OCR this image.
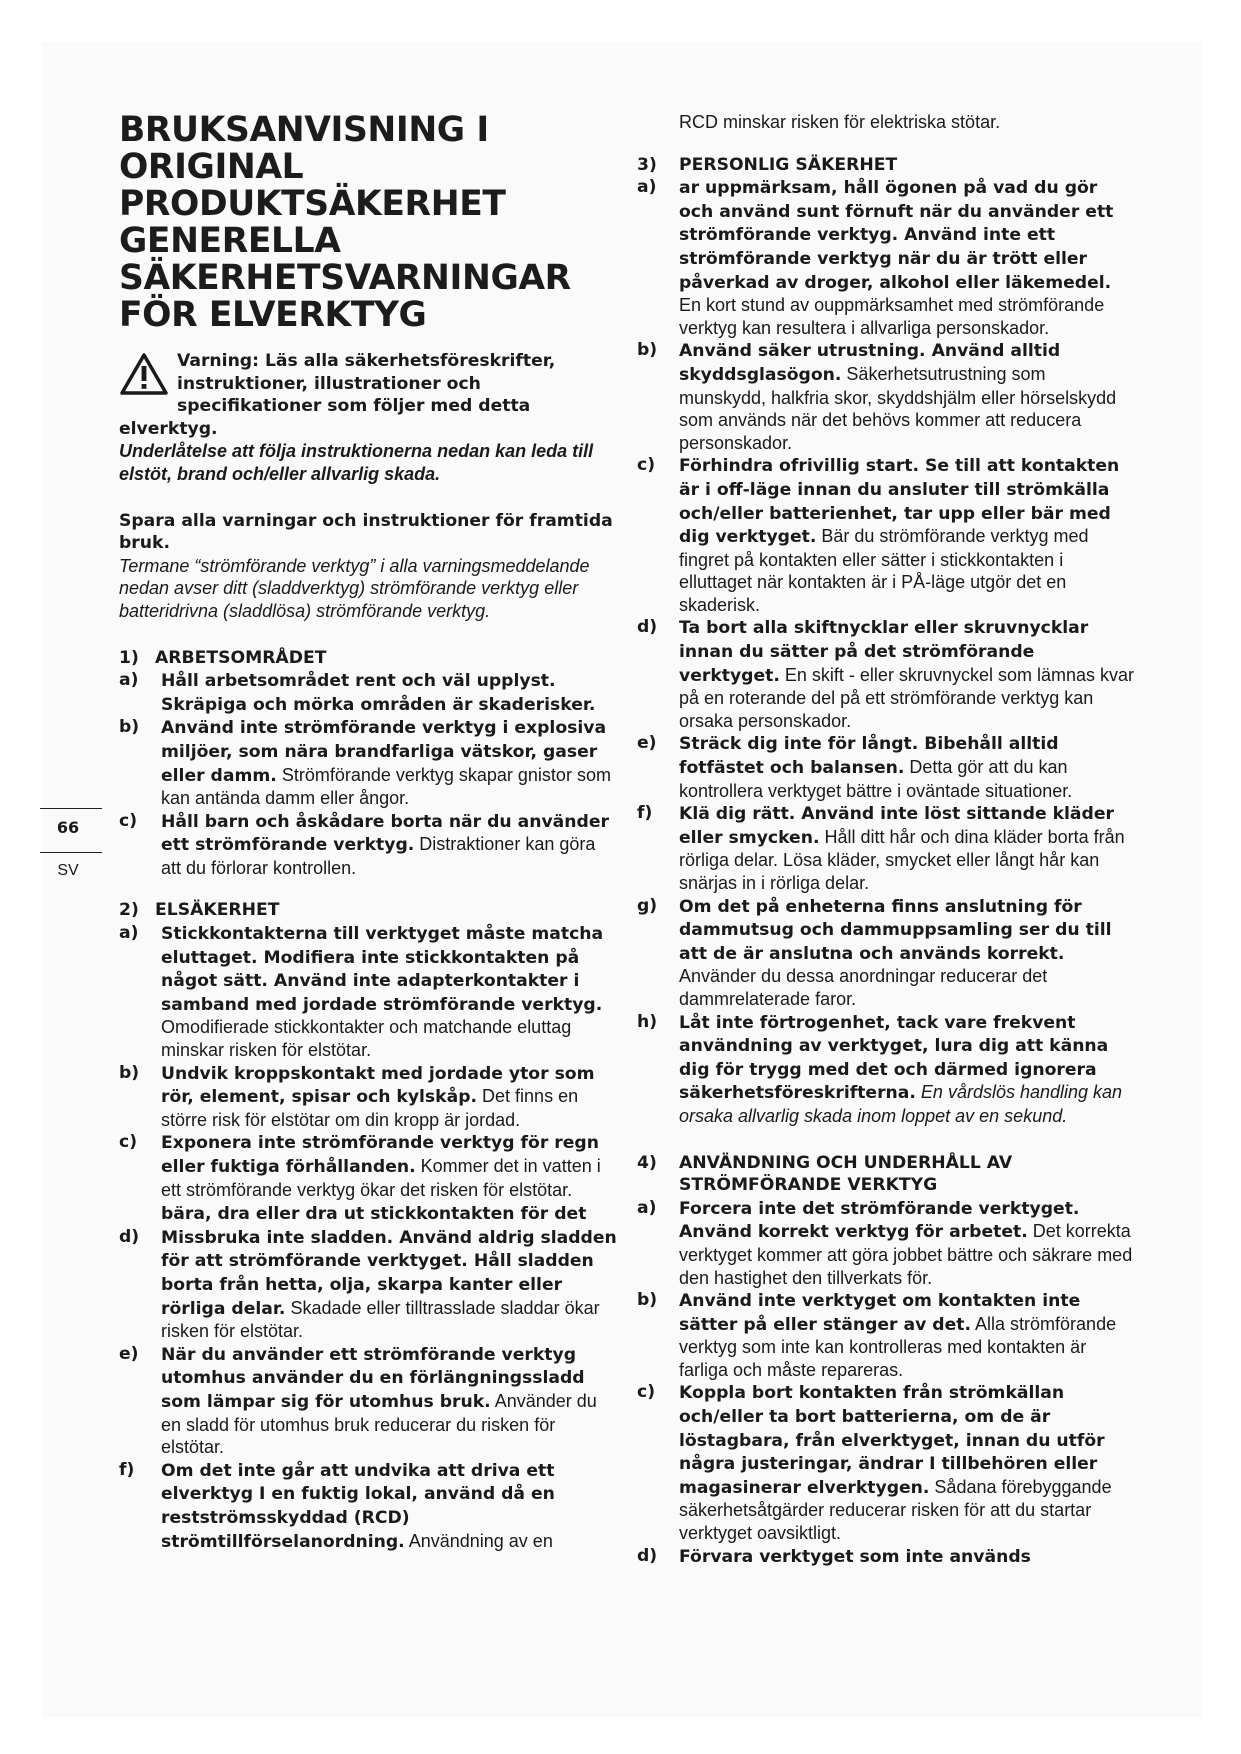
66
SV
BRUKSANVISNING I
ORIGINAL
PRODUKTSÄKERHET
GENERELLA
SÄKERHETSVARNINGAR
FÖR ELVERKTYG

Varning: Läs alla säkerhetsföreskrifter, instruktioner, illustrationer och specifikationer som följer med detta elverktyg.

Underlåtelse att följa instruktionerna nedan kan leda till elstöt, brand och/eller allvarlig skada.

Spara alla varningar och instruktioner för framtida bruk.

Termane “strömförande verktyg” i alla varningsmeddelande nedan avser ditt (sladdverktyg) strömförande verktyg eller batteridrivna (sladdlösa) strömförande verktyg.

1) ARBETSOMRÅDET

a) Håll arbetsområdet rent och väl upplyst. Skräpiga och mörka områden är skaderisker.

b) Använd inte strömförande verktyg i explosiva miljöer, som nära brandfarliga vätskor, gaser eller damm. Strömförande verktyg skapar gnistor som kan antända damm eller ångor.

c) Håll barn och åskådare borta när du använder ett strömförande verktyg. Distraktioner kan göra att du förlorar kontrollen.

2) ELSÄKERHET

a) Stickkontakterna till verktyget måste matcha eluttaget. Modifiera inte stickkontakten på något sätt. Använd inte adapterkontakter i samband med jordade strömförande verktyg. Omodifierade stickkontakter och matchande eluttag minskar risken för elstötar.

b) Undvik kroppskontakt med jordade ytor som rör, element, spisar och kylskåp. Det finns en större risk för elstötar om din kropp är jordad.

c) Exponera inte strömförande verktyg för regn eller fuktiga förhållanden. Kommer det in vatten i ett strömförande verktyg ökar det risken för elstötar. bära, dra eller dra ut stickkontakten för det

d) Missbruka inte sladden. Använd aldrig sladden för att strömförande verktyget. Håll sladden borta från hetta, olja, skarpa kanter eller rörliga delar. Skadade eller tilltrasslade sladdar ökar risken för elstötar.

e) När du använder ett strömförande verktyg utomhus använder du en förlängningssladd som lämpar sig för utomhus bruk. Använder du en sladd för utomhus bruk reducerar du risken för elstötar.

f) Om det inte går att undvika att driva ett elverktyg I en fuktig lokal, använd då en restströmsskyddad (RCD) strömtillförselanordning. Användning av en

RCD minskar risken för elektriska stötar.

3) PERSONLIG SÄKERHET

a) ar uppmärksam, håll ögonen på vad du gör och använd sunt förnuft när du använder ett strömförande verktyg. Använd inte ett strömförande verktyg när du är trött eller påverkad av droger, alkohol eller läkemedel. En kort stund av ouppmärksamhet med strömförande verktyg kan resultera i allvarliga personskador.

b) Använd säker utrustning. Använd alltid skyddsglasögon. Säkerhetsutrustning som munskydd, halkfria skor, skyddshjälm eller hörselskydd som används när det behövs kommer att reducera personskador.

c) Förhindra ofrivillig start. Se till att kontakten är i off-läge innan du ansluter till strömkälla och/eller batterienhet, tar upp eller bär med dig verktyget. Bär du strömförande verktyg med fingret på kontakten eller sätter i stickkontakten i elluttaget när kontakten är i PÅ-läge utgör det en skaderisk.

d) Ta bort alla skiftnycklar eller skruvnycklar innan du sätter på det strömförande verktyget. En skift - eller skruvnyckel som lämnas kvar på en roterande del på ett strömförande verktyg kan orsaka personskador.

e) Sträck dig inte för långt. Bibehåll alltid fotfästet och balansen. Detta gör att du kan kontrollera verktyget bättre i oväntade situationer.

f) Klä dig rätt. Använd inte löst sittande kläder eller smycken. Håll ditt hår och dina kläder borta från rörliga delar. Lösa kläder, smycket eller långt hår kan snärjas in i rörliga delar.

g) Om det på enheterna finns anslutning för dammutsug och dammuppsamling ser du till att de är anslutna och används korrekt. Använder du dessa anordningar reducerar det dammrelaterade faror.

h) Låt inte förtrogenhet, tack vare frekvent användning av verktyget, lura dig att känna dig för trygg med det och därmed ignorera säkerhetsföreskrifterna. En vårdslös handling kan orsaka allvarlig skada inom loppet av en sekund.

4) ANVÄNDNING OCH UNDERHÅLL AV STRÖMFÖRANDE VERKTYG

a) Forcera inte det strömförande verktyget. Använd korrekt verktyg för arbetet. Det korrekta verktyget kommer att göra jobbet bättre och säkrare med den hastighet den tillverkats för.

b) Använd inte verktyget om kontakten inte sätter på eller stänger av det. Alla strömförande verktyg som inte kan kontrolleras med kontakten är farliga och måste repareras.

c) Koppla bort kontakten från strömkällan och/eller ta bort batterierna, om de är löstagbara, från elverktyget, innan du utför några justeringar, ändrar I tillbehören eller magasinerar elverktygen. Sådana förebyggande säkerhetsåtgärder reducerar risken för att du startar verktyget oavsiktligt.

d) Förvara verktyget som inte används
